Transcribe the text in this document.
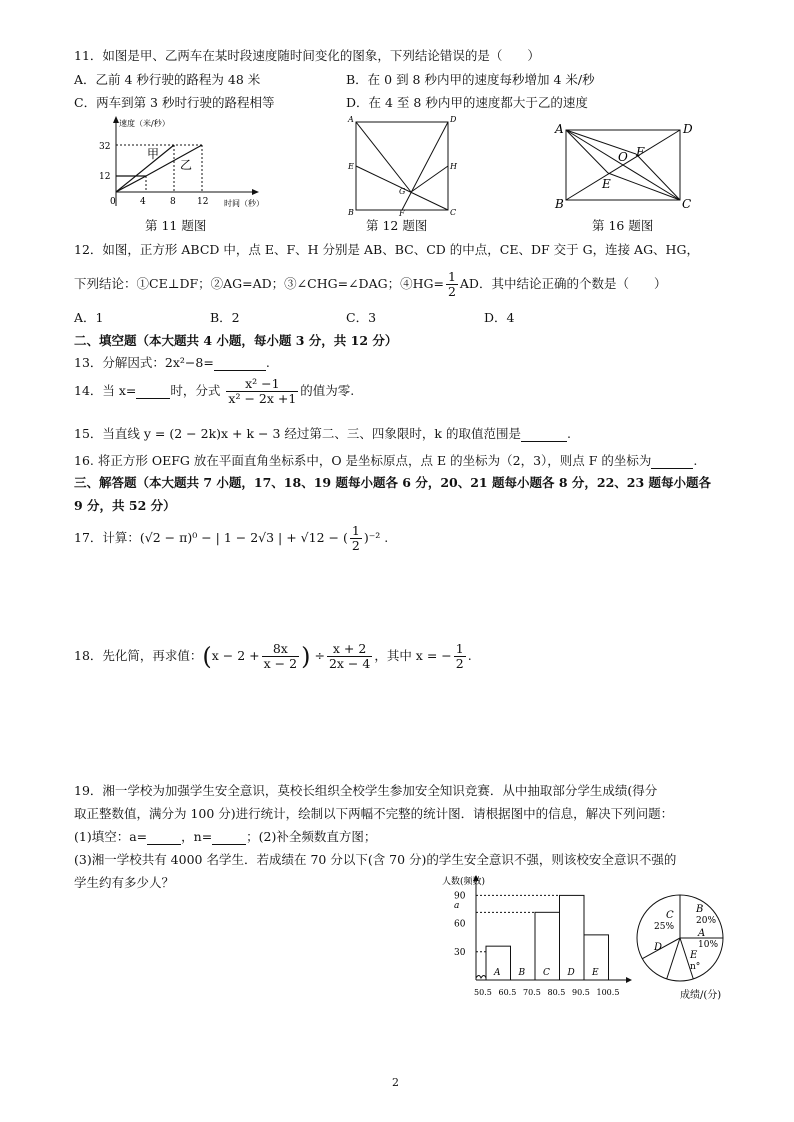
11．如图是甲、乙两车在某时段速度随时间变化的图象，下列结论错误的是（　　）
A．乙前 4 秒行驶的路程为 48 米	B．在 0 到 8 秒内甲的速度每秒增加 4 米/秒
C．两车到第 3 秒时行驶的路程相等	D．在 4 至 8 秒内甲的速度都大于乙的速度
速度（米/秒）
时间（秒）
32
12
0	4	8 12
甲
乙
第 11 题图
A	D
E	H
G
B	F	C
第 12 题图
A	D
O F
E
B	C
第 16 题图
12．如图，正方形 ABCD 中，点 E、F、H 分别是 AB、BC、CD 的中点，CE、DF 交于 G，连接 AG、HG，
下列结论：①CE⊥DF；②AG=AD；③∠CHG=∠DAG；④HG= $\frac{1}{2}$ AD．其中结论正确的个数是（　　）
A．1	B．2	C．3	D．4
二、填空题（本大题共 4 小题，每小题 3 分，共 12 分）
13．分解因式：2x²−8=	.
14．当 x=	时，分式 $\frac{\text{x² −1}}{\text{x² − 2x +1}}$ 的值为零.
15．当直线 y = (2 − 2k)x + k − 3 经过第二、三、四象限时，k 的取值范围是	.
16. 将正方形 OEFG 放在平面直角坐标系中，O 是坐标原点，点 E 的坐标为（2，3），则点 F 的坐标为	.
三、解答题（本大题共 7 小题，17、18、19 题每小题各 6 分，20、21 题每小题各 8 分，22、23 题每小题各
9 分，共 52 分）
17．计算：(√2 − π)⁰ − | 1 − 2√3 | + √12 − ( $\frac{1}{2} )^{-2}$ .
18．先化简，再求值：($x - 2 + \frac{8x}{x - 2}$ ) ÷ $\frac{x + 2}{2x - 4}$ ，其中 x = − $\frac{1}{2}$ .
19．湘一学校为加强学生安全意识，莫校长组织全校学生参加安全知识竞赛．从中抽取部分学生成绩(得分
取正整数值，满分为 100 分)进行统计，绘制以下两幅不完整的统计图．请根据图中的信息，解决下列问题：
(1)填空：a=	，n=	；(2)补全频数直方图；
(3)湘一学校共有 4000 名学生．若成绩在 70 分以下(含 70 分)的学生安全意识不强，则该校安全意识不强的
学生约有多少人？	人数(频数)
90
a
60
30
50.5 60.5 70.5 80.5 90.5 100.5
A B C D E
C
25%
B
20%
A
10%
E
n°
D
成绩/(分)
2
